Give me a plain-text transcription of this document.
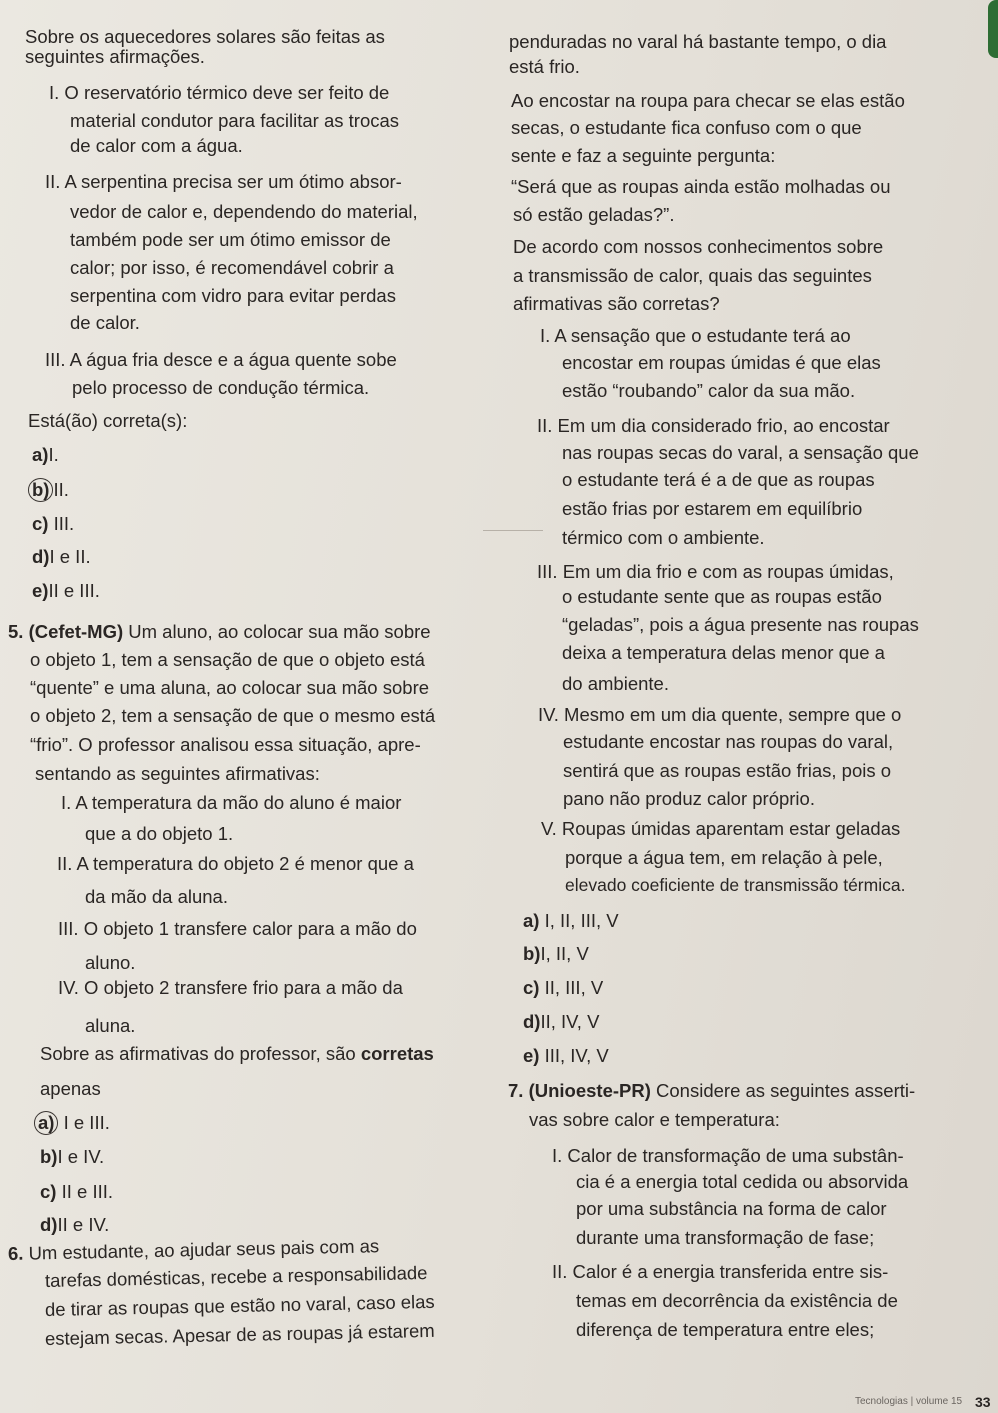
Sobre os aquecedores solares são feitas as
seguintes afirmações.
I. O reservatório térmico deve ser feito de
material condutor para facilitar as trocas
de calor com a água.
II. A serpentina precisa ser um ótimo absor-
vedor de calor e, dependendo do material,
também pode ser um ótimo emissor de
calor; por isso, é recomendável cobrir a
serpentina com vidro para evitar perdas
de calor.
III. A água fria desce e a água quente sobe
pelo processo de condução térmica.
Está(ão) correta(s):
a)I.
b) II.
c) III.
d)I e II.
e)II e III.
5. (Cefet-MG) Um aluno, ao colocar sua mão sobre
o objeto 1, tem a sensação de que o objeto está
“quente” e uma aluna, ao colocar sua mão sobre
o objeto 2, tem a sensação de que o mesmo está
“frio”. O professor analisou essa situação, apre-
sentando as seguintes afirmativas:
I. A temperatura da mão do aluno é maior
que a do objeto 1.
II. A temperatura do objeto 2 é menor que a
da mão da aluna.
III. O objeto 1 transfere calor para a mão do
aluno.
IV. O objeto 2 transfere frio para a mão da
aluna.
Sobre as afirmativas do professor, são corretas
apenas
a) I e III.
b)I e IV.
c) II e III.
d)II e IV.
6. Um estudante, ao ajudar seus pais com as
tarefas domésticas, recebe a responsabilidade
de tirar as roupas que estão no varal, caso elas
estejam secas. Apesar de as roupas já estarem
penduradas no varal há bastante tempo, o dia
está frio.
Ao encostar na roupa para checar se elas estão
secas, o estudante fica confuso com o que
sente e faz a seguinte pergunta:
“Será que as roupas ainda estão molhadas ou
só estão geladas?”.
De acordo com nossos conhecimentos sobre
a transmissão de calor, quais das seguintes
afirmativas são corretas?
I. A sensação que o estudante terá ao
encostar em roupas úmidas é que elas
estão “roubando” calor da sua mão.
II. Em um dia considerado frio, ao encostar
nas roupas secas do varal, a sensação que
o estudante terá é a de que as roupas
estão frias por estarem em equilíbrio
térmico com o ambiente.
III. Em um dia frio e com as roupas úmidas,
o estudante sente que as roupas estão
“geladas”, pois a água presente nas roupas
deixa a temperatura delas menor que a
do ambiente.
IV. Mesmo em um dia quente, sempre que o
estudante encostar nas roupas do varal,
sentirá que as roupas estão frias, pois o
pano não produz calor próprio.
V. Roupas úmidas aparentam estar geladas
porque a água tem, em relação à pele,
elevado coeficiente de transmissão térmica.
a) I, II, III, V
b)I, II, V
c) II, III, V
d)II, IV, V
e) III, IV, V
7. (Unioeste-PR) Considere as seguintes asserti-
vas sobre calor e temperatura:
I. Calor de transformação de uma substân-
cia é a energia total cedida ou absorvida
por uma substância na forma de calor
durante uma transformação de fase;
II. Calor é a energia transferida entre sis-
temas em decorrência da existência de
diferença de temperatura entre eles;
Tecnologias | volume 15 33
